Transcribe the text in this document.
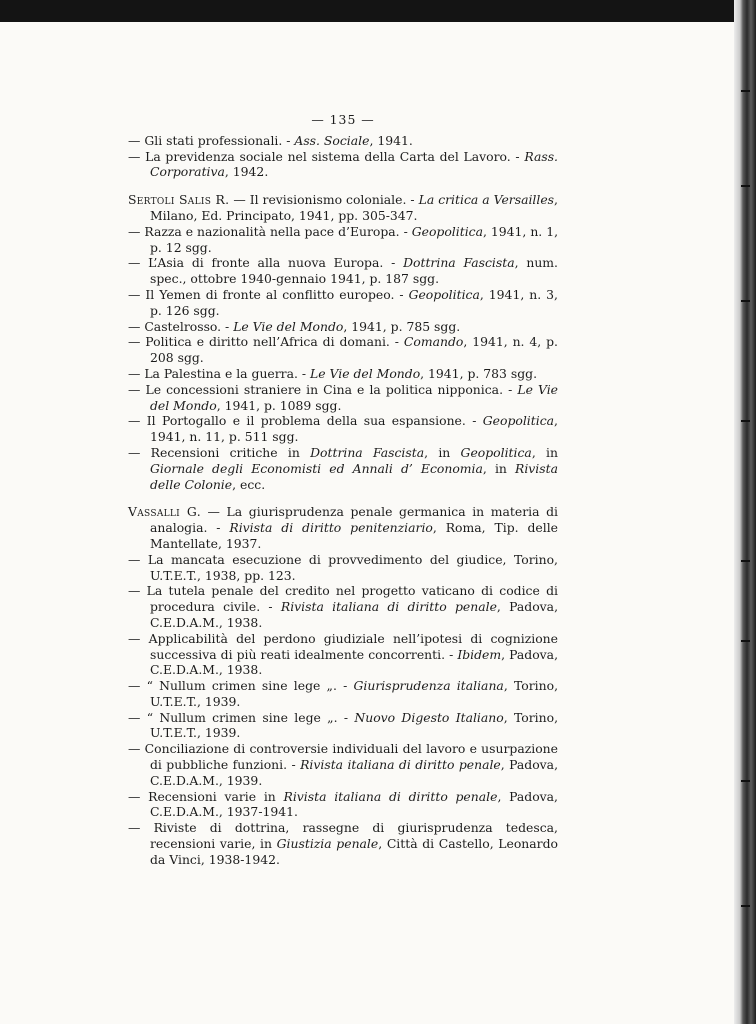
— 135 —
— Gli stati professionali. - Ass. Sociale, 1941.
— La previdenza sociale nel sistema della Carta del Lavoro. - Rass. Corporativa, 1942.
Sertoli Salis R. — Il revisionismo coloniale. - La critica a Versailles, Milano, Ed. Principato, 1941, pp. 305-347.
— Razza e nazionalità nella pace d’Europa. - Geopolitica, 1941, n. 1, p. 12 sgg.
— L’Asia di fronte alla nuova Europa. - Dottrina Fascista, num. spec., ottobre 1940-gennaio 1941, p. 187 sgg.
— Il Yemen di fronte al conflitto europeo. - Geopolitica, 1941, n. 3, p. 126 sgg.
— Castelrosso. - Le Vie del Mondo, 1941, p. 785 sgg.
— Politica e diritto nell’Africa di domani. - Comando, 1941, n. 4, p. 208 sgg.
— La Palestina e la guerra. - Le Vie del Mondo, 1941, p. 783 sgg.
— Le concessioni straniere in Cina e la politica nipponica. - Le Vie del Mondo, 1941, p. 1089 sgg.
— Il Portogallo e il problema della sua espansione. - Geopolitica, 1941, n. 11, p. 511 sgg.
— Recensioni critiche in Dottrina Fascista, in Geopolitica, in Giornale degli Economisti ed Annali d’ Economia, in Rivista delle Colonie, ecc.
Vassalli G. — La giurisprudenza penale germanica in materia di analogia. - Rivista di diritto penitenziario, Roma, Tip. delle Mantellate, 1937.
— La mancata esecuzione di provvedimento del giudice, Torino, U.T.E.T., 1938, pp. 123.
— La tutela penale del credito nel progetto vaticano di codice di procedura civile. - Rivista italiana di diritto penale, Padova, C.E.D.A.M., 1938.
— Applicabilità del perdono giudiziale nell’ipotesi di cognizione successiva di più reati idealmente concorrenti. - Ibidem, Padova, C.E.D.A.M., 1938.
— “ Nullum crimen sine lege „. - Giurisprudenza italiana, Torino, U.T.E.T., 1939.
— “ Nullum crimen sine lege „. - Nuovo Digesto Italiano, Torino, U.T.E.T., 1939.
— Conciliazione di controversie individuali del lavoro e usurpazione di pubbliche funzioni. - Rivista italiana di diritto penale, Padova, C.E.D.A.M., 1939.
— Recensioni varie in Rivista italiana di diritto penale, Padova, C.E.D.A.M., 1937-1941.
— Riviste di dottrina, rassegne di giurisprudenza tedesca, recensioni varie, in Giustizia penale, Città di Castello, Leonardo da Vinci, 1938-1942.
